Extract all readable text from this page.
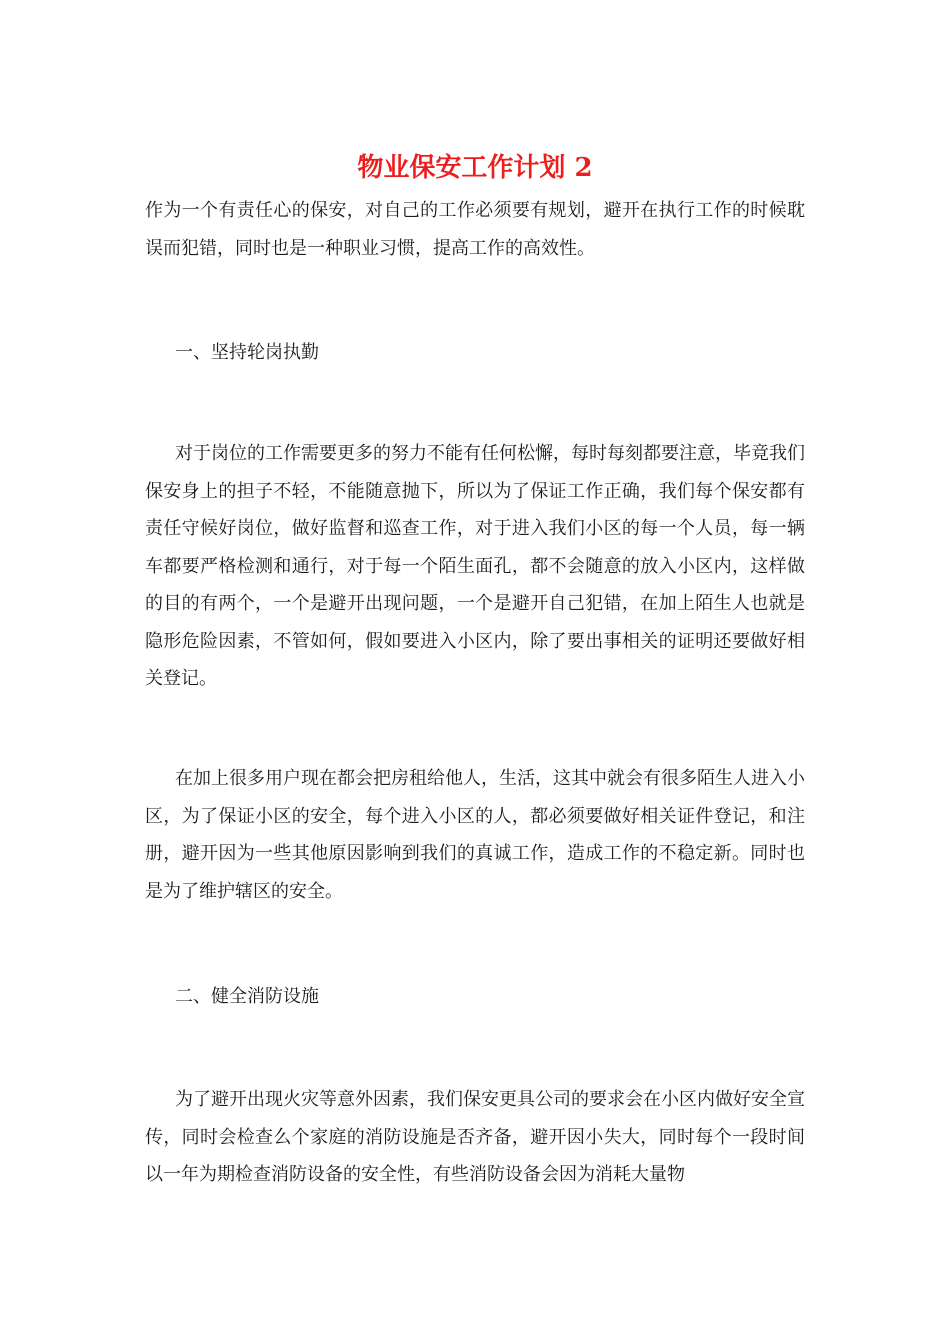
物业保安工作计划 2

作为一个有责任心的保安，对自己的工作必须要有规划，避开在执行工作的时候耽误而犯错，同时也是一种职业习惯，提高工作的高效性。

一、坚持轮岗执勤

对于岗位的工作需要更多的努力不能有任何松懈，每时每刻都要注意，毕竟我们保安身上的担子不轻，不能随意抛下，所以为了保证工作正确，我们每个保安都有责任守候好岗位，做好监督和巡查工作，对于进入我们小区的每一个人员，每一辆车都要严格检测和通行，对于每一个陌生面孔，都不会随意的放入小区内，这样做的目的有两个，一个是避开出现问题，一个是避开自己犯错，在加上陌生人也就是隐形危险因素，不管如何，假如要进入小区内，除了要出事相关的证明还要做好相关登记。

在加上很多用户现在都会把房租给他人，生活，这其中就会有很多陌生人进入小区，为了保证小区的安全，每个进入小区的人，都必须要做好相关证件登记，和注册，避开因为一些其他原因影响到我们的真诚工作，造成工作的不稳定新。同时也是为了维护辖区的安全。

二、健全消防设施

为了避开出现火灾等意外因素，我们保安更具公司的要求会在小区内做好安全宣传，同时会检查么个家庭的消防设施是否齐备，避开因小失大，同时每个一段时间以一年为期检查消防设备的安全性，有些消防设备会因为消耗大量物
